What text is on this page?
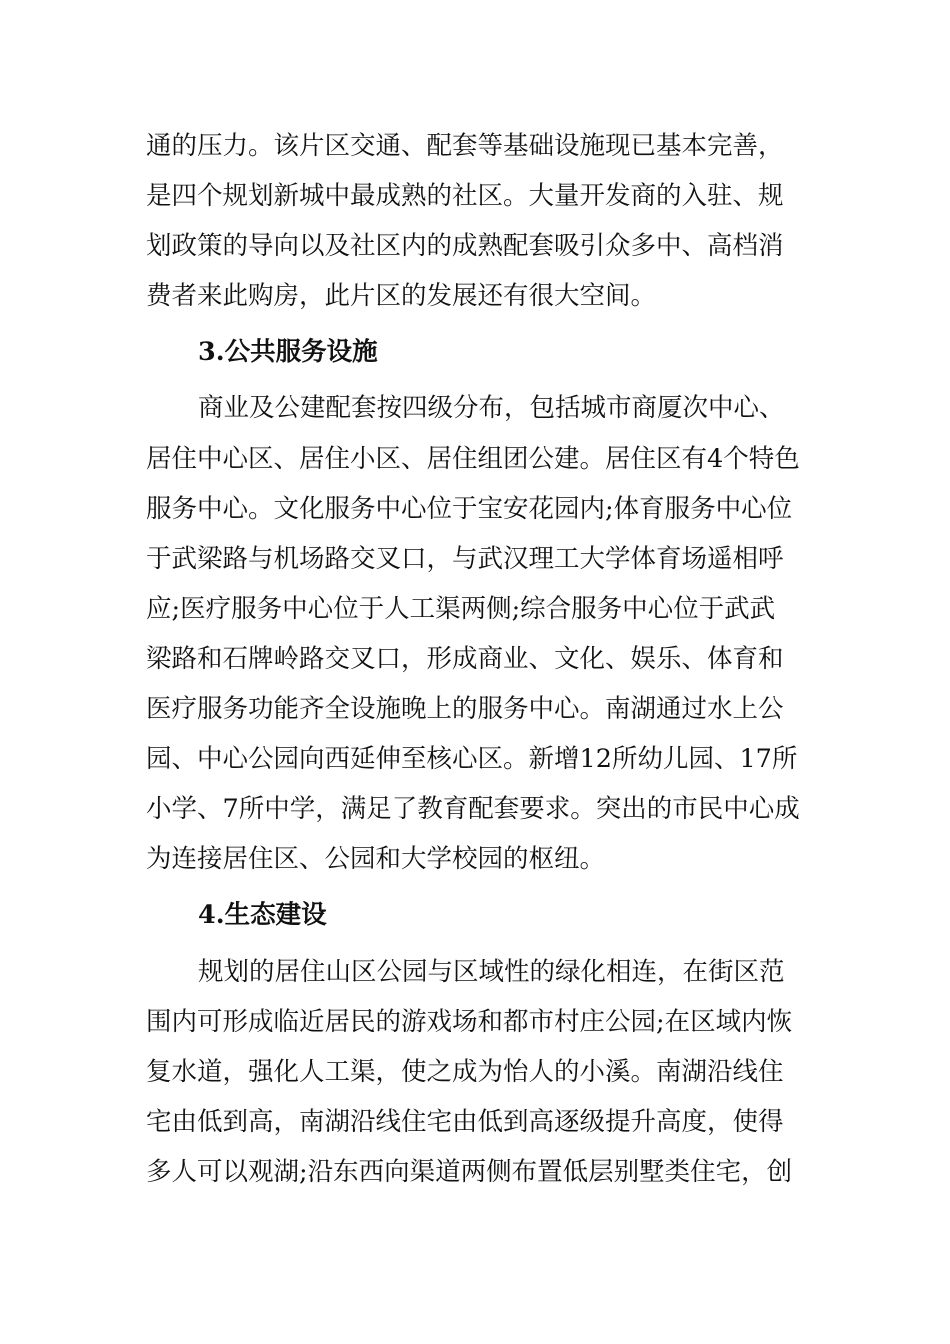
通的压力。该片区交通、配套等基础设施现已基本完善，
是四个规划新城中最成熟的社区。大量开发商的入驻、规
划政策的导向以及社区内的成熟配套吸引众多中、高档消
费者来此购房，此片区的发展还有很大空间。
3.公共服务设施
商业及公建配套按四级分布，包括城市商厦次中心、
居住中心区、居住小区、居住组团公建。居住区有4个特色
服务中心。文化服务中心位于宝安花园内;体育服务中心位
于武梁路与机场路交叉口，与武汉理工大学体育场遥相呼
应;医疗服务中心位于人工渠两侧;综合服务中心位于武武
梁路和石牌岭路交叉口，形成商业、文化、娱乐、体育和
医疗服务功能齐全设施晚上的服务中心。南湖通过水上公
园、中心公园向西延伸至核心区。新增12所幼儿园、17所
小学、7所中学，满足了教育配套要求。突出的市民中心成
为连接居住区、公园和大学校园的枢纽。
4.生态建设
规划的居住山区公园与区域性的绿化相连，在街区范
围内可形成临近居民的游戏场和都市村庄公园;在区域内恢
复水道，强化人工渠，使之成为怡人的小溪。南湖沿线住
宅由低到高，南湖沿线住宅由低到高逐级提升高度，使得
多人可以观湖;沿东西向渠道两侧布置低层别墅类住宅，创
